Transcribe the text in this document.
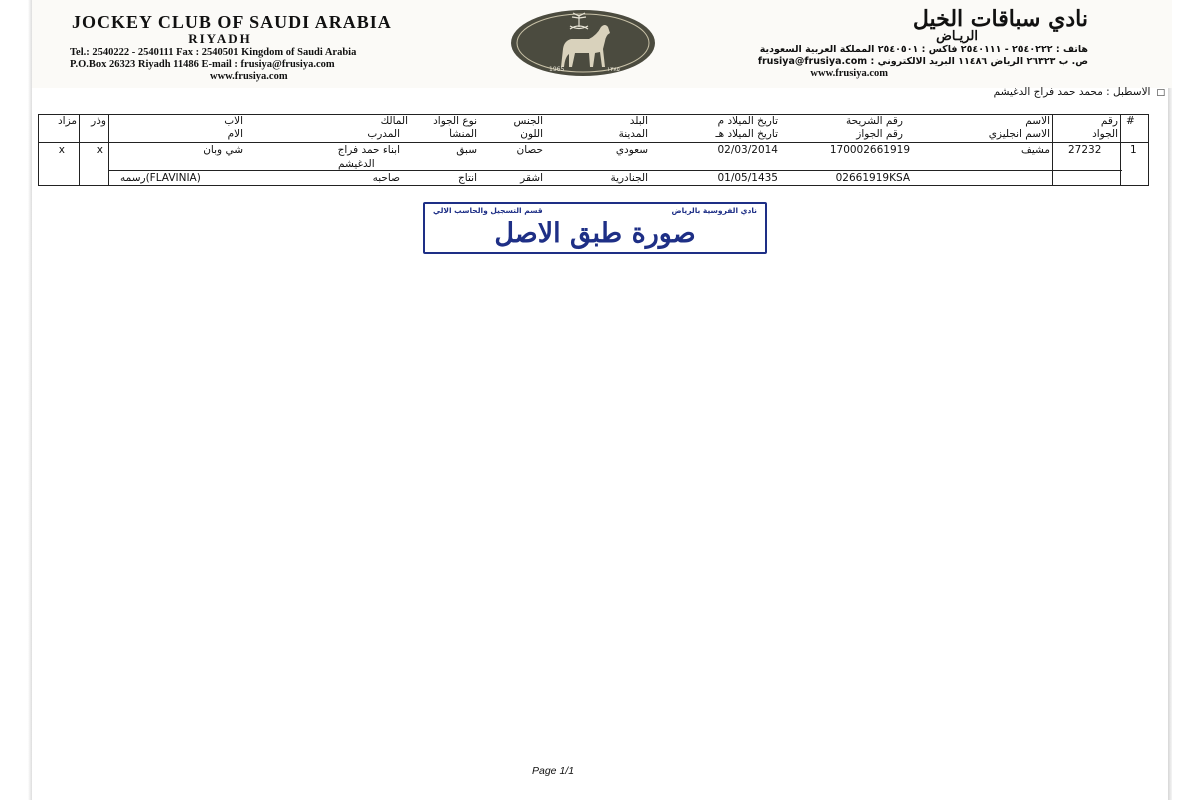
JOCKEY CLUB OF SAUDI ARABIA
RIYADH
Tel.: 2540222 - 2540111 Fax : 2540501 Kingdom of Saudi Arabia
P.O.Box 26323 Riyadh 11486 E-mail : frusiya@frusiya.com
www.frusiya.com
1965	١٣٨٥
نادي سباقات الخيل
الريـاض
هاتف : ٢٥٤٠٢٢٢ - ٢٥٤٠١١١ فاكس : ٢٥٤٠٥٠١ المملكة العربية السعودية
ص. ب ٢٦٣٢٣ الرياض ١١٤٨٦ البريد الالكتروني : frusiya@frusiya.com
www.frusiya.com
□الاسطبل : محمد حمد فراج الدغيشم
#
رقم
الاسم
رقم الشريحة
تاريخ الميلاد م
البلد
الجنس
نوع الجواد
المالك
الاب
وذر
مزاد
الجواد
الاسم انجليزي
رقم الجواز
تاريخ الميلاد هـ
المدينة
اللون
المنشأ
المدرب
الام
1
27232
مشيف
170002661919
02/03/2014
سعودي
حصان
سبق
ابناء حمد فراج
الدغيشم
شي وبان
x
x
02661919KSA
01/05/1435
الجنادرية
اشقر
انتاج
صاحبه
رسمه(FLAVINIA)
نادي الفروسية بالرياض
قسم التسجيل والحاسب الالي
صورة طبق الاصل
Page 1/1
